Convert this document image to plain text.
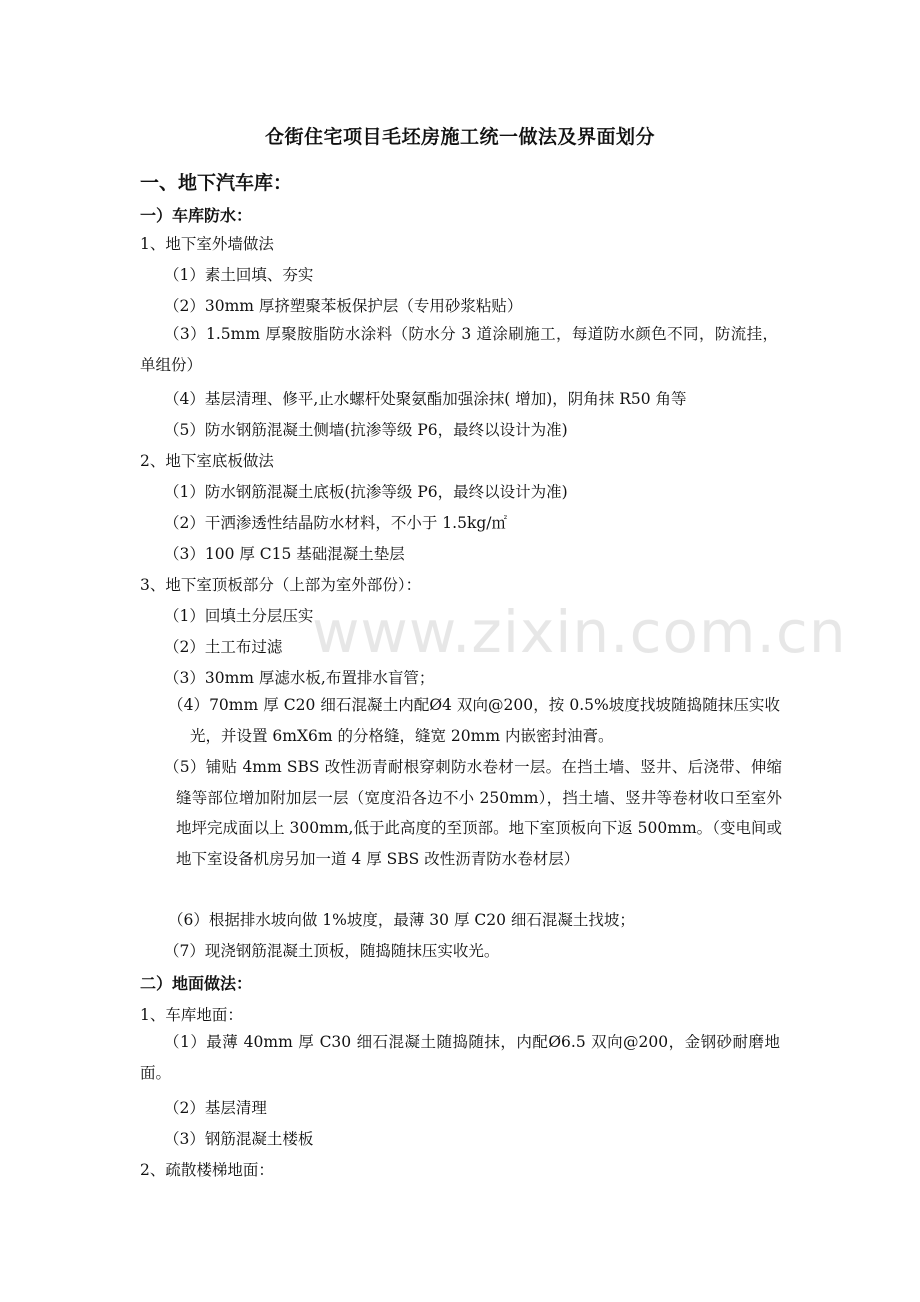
仓街住宅项目毛坯房施工统一做法及界面划分
一、地下汽车库：
一）车库防水：

1、地下室外墙做法

（1）素土回填、夯实

（2）30mm 厚挤塑聚苯板保护层（专用砂浆粘贴）

（3）1.5mm 厚聚胺脂防水涂料（防水分 3 道涂刷施工，每道防水颜色不同，防流挂，单组份）

（4）基层清理、修平,止水螺杆处聚氨酯加强涂抹( 增加)，阴角抹 R50 角等

（5）防水钢筋混凝土侧墙(抗渗等级 P6，最终以设计为准)

2、地下室底板做法

（1）防水钢筋混凝土底板(抗渗等级 P6，最终以设计为准)

（2）干洒渗透性结晶防水材料，不小于 1.5kg/㎡

（3）100 厚 C15 基础混凝土垫层

3、地下室顶板部分（上部为室外部份）：

（1）回填土分层压实

（2）土工布过滤

（3）30mm 厚滤水板,布置排水盲管；

（4）70mm 厚 C20 细石混凝土内配Ø4 双向@200，按 0.5%坡度找坡随捣随抹压实收光，并设置 6mX6m 的分格缝，缝宽 20mm 内嵌密封油膏。

（5）铺贴 4mm SBS 改性沥青耐根穿刺防水卷材一层。在挡土墙、竖井、后浇带、伸缩缝等部位增加附加层一层（宽度沿各边不小 250mm），挡土墙、竖井等卷材收口至室外地坪完成面以上 300mm,低于此高度的至顶部。地下室顶板向下返 500mm。（变电间或地下室设备机房另加一道 4 厚 SBS 改性沥青防水卷材层）

（6）根据排水坡向做 1%坡度，最薄 30 厚 C20 细石混凝土找坡；

（7）现浇钢筋混凝土顶板，随捣随抹压实收光。

二）地面做法：

1、车库地面：

（1）最薄 40mm 厚 C30 细石混凝土随捣随抹，内配Ø6.5 双向@200，金钢砂耐磨地面。

（2）基层清理

（3）钢筋混凝土楼板

2、疏散楼梯地面：

www.zixin.com.cn
